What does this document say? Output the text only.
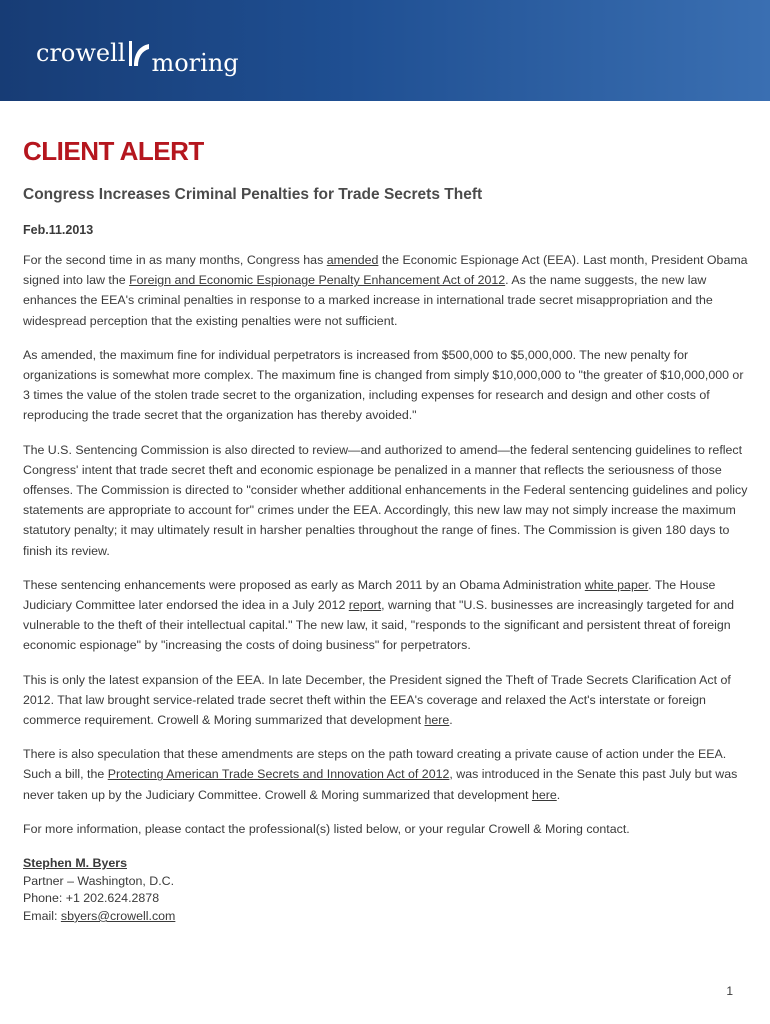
crowell moring
CLIENT ALERT
Congress Increases Criminal Penalties for Trade Secrets Theft
Feb.11.2013

For the second time in as many months, Congress has amended the Economic Espionage Act (EEA). Last month, President Obama signed into law the Foreign and Economic Espionage Penalty Enhancement Act of 2012. As the name suggests, the new law enhances the EEA's criminal penalties in response to a marked increase in international trade secret misappropriation and the widespread perception that the existing penalties were not sufficient.

As amended, the maximum fine for individual perpetrators is increased from $500,000 to $5,000,000. The new penalty for organizations is somewhat more complex. The maximum fine is changed from simply $10,000,000 to "the greater of $10,000,000 or 3 times the value of the stolen trade secret to the organization, including expenses for research and design and other costs of reproducing the trade secret that the organization has thereby avoided."

The U.S. Sentencing Commission is also directed to review—and authorized to amend—the federal sentencing guidelines to reflect Congress' intent that trade secret theft and economic espionage be penalized in a manner that reflects the seriousness of those offenses. The Commission is directed to "consider whether additional enhancements in the Federal sentencing guidelines and policy statements are appropriate to account for" crimes under the EEA. Accordingly, this new law may not simply increase the maximum statutory penalty; it may ultimately result in harsher penalties throughout the range of fines. The Commission is given 180 days to finish its review.

These sentencing enhancements were proposed as early as March 2011 by an Obama Administration white paper. The House Judiciary Committee later endorsed the idea in a July 2012 report, warning that "U.S. businesses are increasingly targeted for and vulnerable to the theft of their intellectual capital." The new law, it said, "responds to the significant and persistent threat of foreign economic espionage" by "increasing the costs of doing business" for perpetrators.

This is only the latest expansion of the EEA. In late December, the President signed the Theft of Trade Secrets Clarification Act of 2012. That law brought service-related trade secret theft within the EEA's coverage and relaxed the Act's interstate or foreign commerce requirement. Crowell & Moring summarized that development here.

There is also speculation that these amendments are steps on the path toward creating a private cause of action under the EEA. Such a bill, the Protecting American Trade Secrets and Innovation Act of 2012, was introduced in the Senate this past July but was never taken up by the Judiciary Committee. Crowell & Moring summarized that development here.

For more information, please contact the professional(s) listed below, or your regular Crowell & Moring contact.

Stephen M. Byers
Partner – Washington, D.C.
Phone: +1 202.624.2878
Email: sbyers@crowell.com
1
